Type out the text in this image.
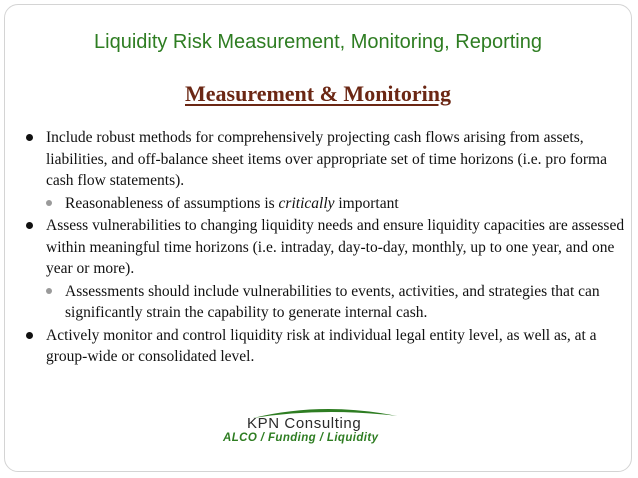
Liquidity Risk Measurement, Monitoring, Reporting
Measurement & Monitoring
Include robust methods for comprehensively projecting cash flows arising from assets, liabilities, and off-balance sheet items over appropriate set of time horizons (i.e. pro forma cash flow statements).
Reasonableness of assumptions is critically important
Assess vulnerabilities to changing liquidity needs and ensure liquidity capacities are assessed within meaningful time horizons (i.e. intraday, day-to-day, monthly, up to one year, and one year or more).
Assessments should include vulnerabilities to events, activities, and strategies that can significantly strain the capability to generate internal cash.
Actively monitor and control liquidity risk at individual legal entity level, as well as, at a group-wide or consolidated level.
KPN Consulting
ALCO / Funding / Liquidity
